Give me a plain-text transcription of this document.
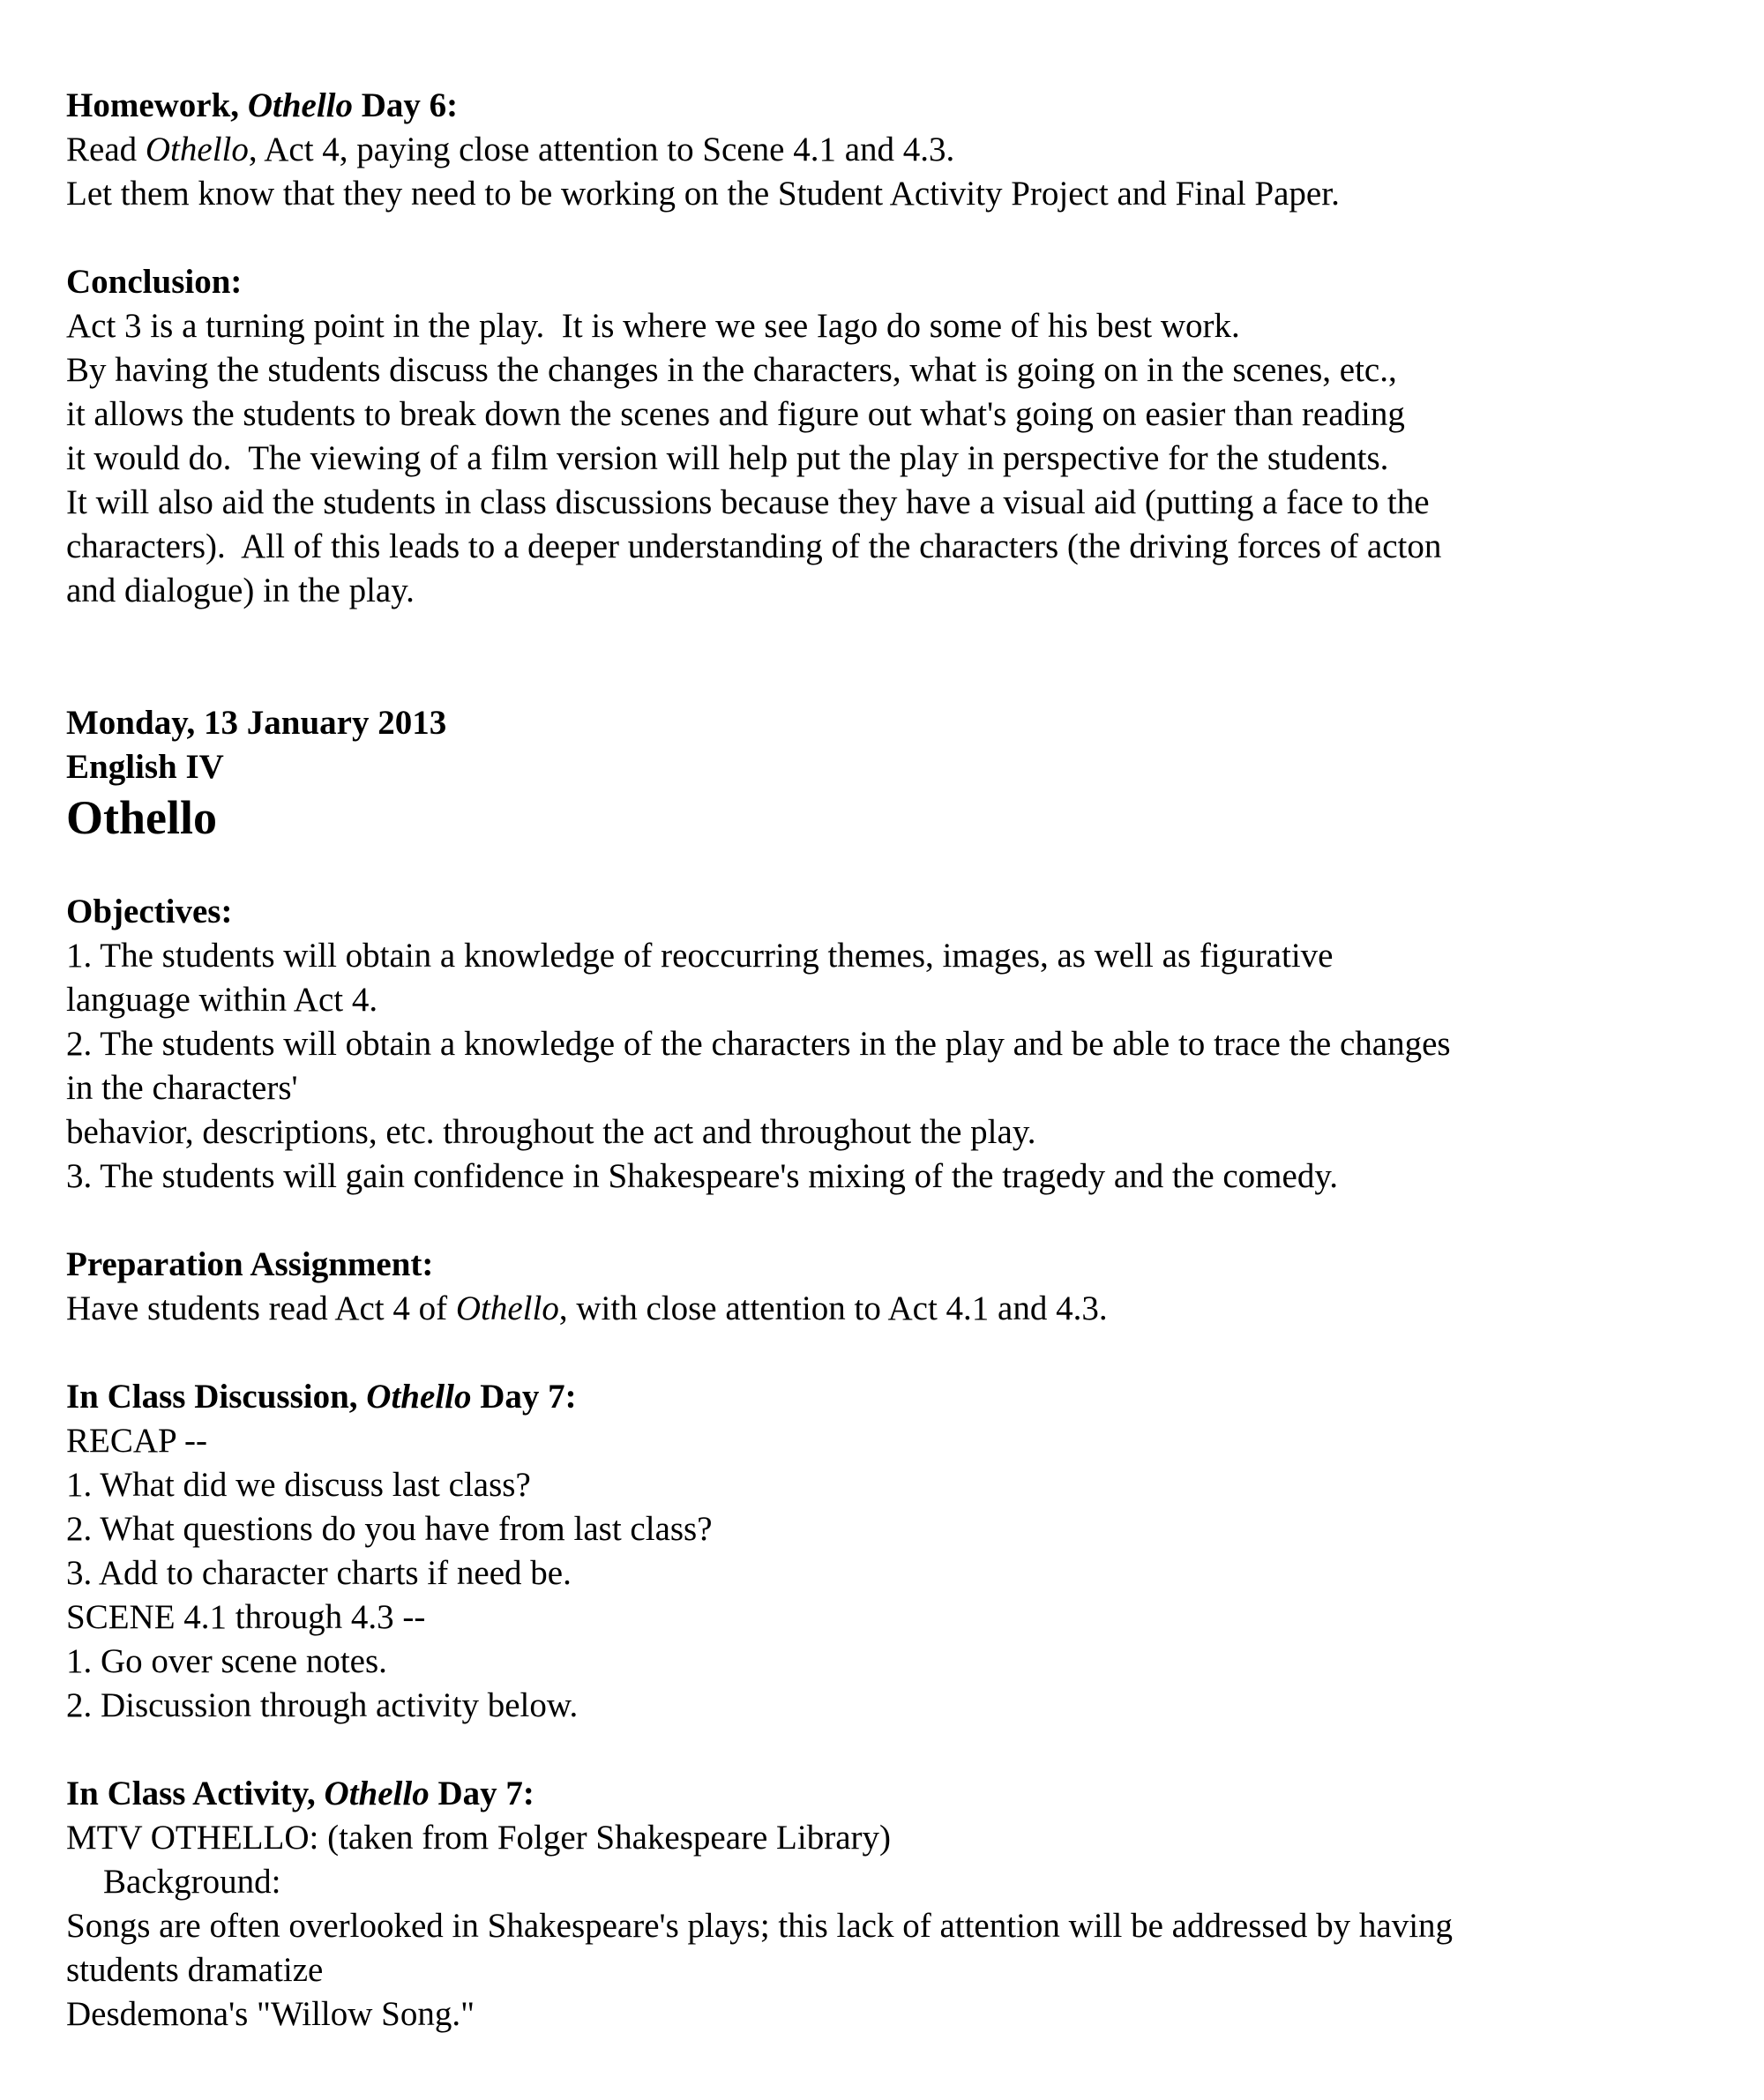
Homework, Othello Day 6:
Read Othello, Act 4, paying close attention to Scene 4.1 and 4.3.
Let them know that they need to be working on the Student Activity Project and Final Paper.
Conclusion:
Act 3 is a turning point in the play.  It is where we see Iago do some of his best work.
By having the students discuss the changes in the characters, what is going on in the scenes, etc.,
it allows the students to break down the scenes and figure out what's going on easier than reading
it would do.  The viewing of a film version will help put the play in perspective for the students.
It will also aid the students in class discussions because they have a visual aid (putting a face to the
characters).  All of this leads to a deeper understanding of the characters (the driving forces of acton
and dialogue) in the play.
Monday, 13 January 2013
English IV
Othello
Objectives:
1. The students will obtain a knowledge of reoccurring themes, images, as well as figurative
language within Act 4.
2. The students will obtain a knowledge of the characters in the play and be able to trace the changes
in the characters'
behavior, descriptions, etc. throughout the act and throughout the play.
3. The students will gain confidence in Shakespeare's mixing of the tragedy and the comedy.
Preparation Assignment:
Have students read Act 4 of Othello, with close attention to Act 4.1 and 4.3.
In Class Discussion, Othello Day 7:
RECAP --
1. What did we discuss last class?
2. What questions do you have from last class?
3. Add to character charts if need be.
SCENE 4.1 through 4.3 --
1. Go over scene notes.
2. Discussion through activity below.
In Class Activity, Othello Day 7:
MTV OTHELLO: (taken from Folger Shakespeare Library)
Background:
Songs are often overlooked in Shakespeare's plays; this lack of attention will be addressed by having
students dramatize
Desdemona's "Willow Song."
